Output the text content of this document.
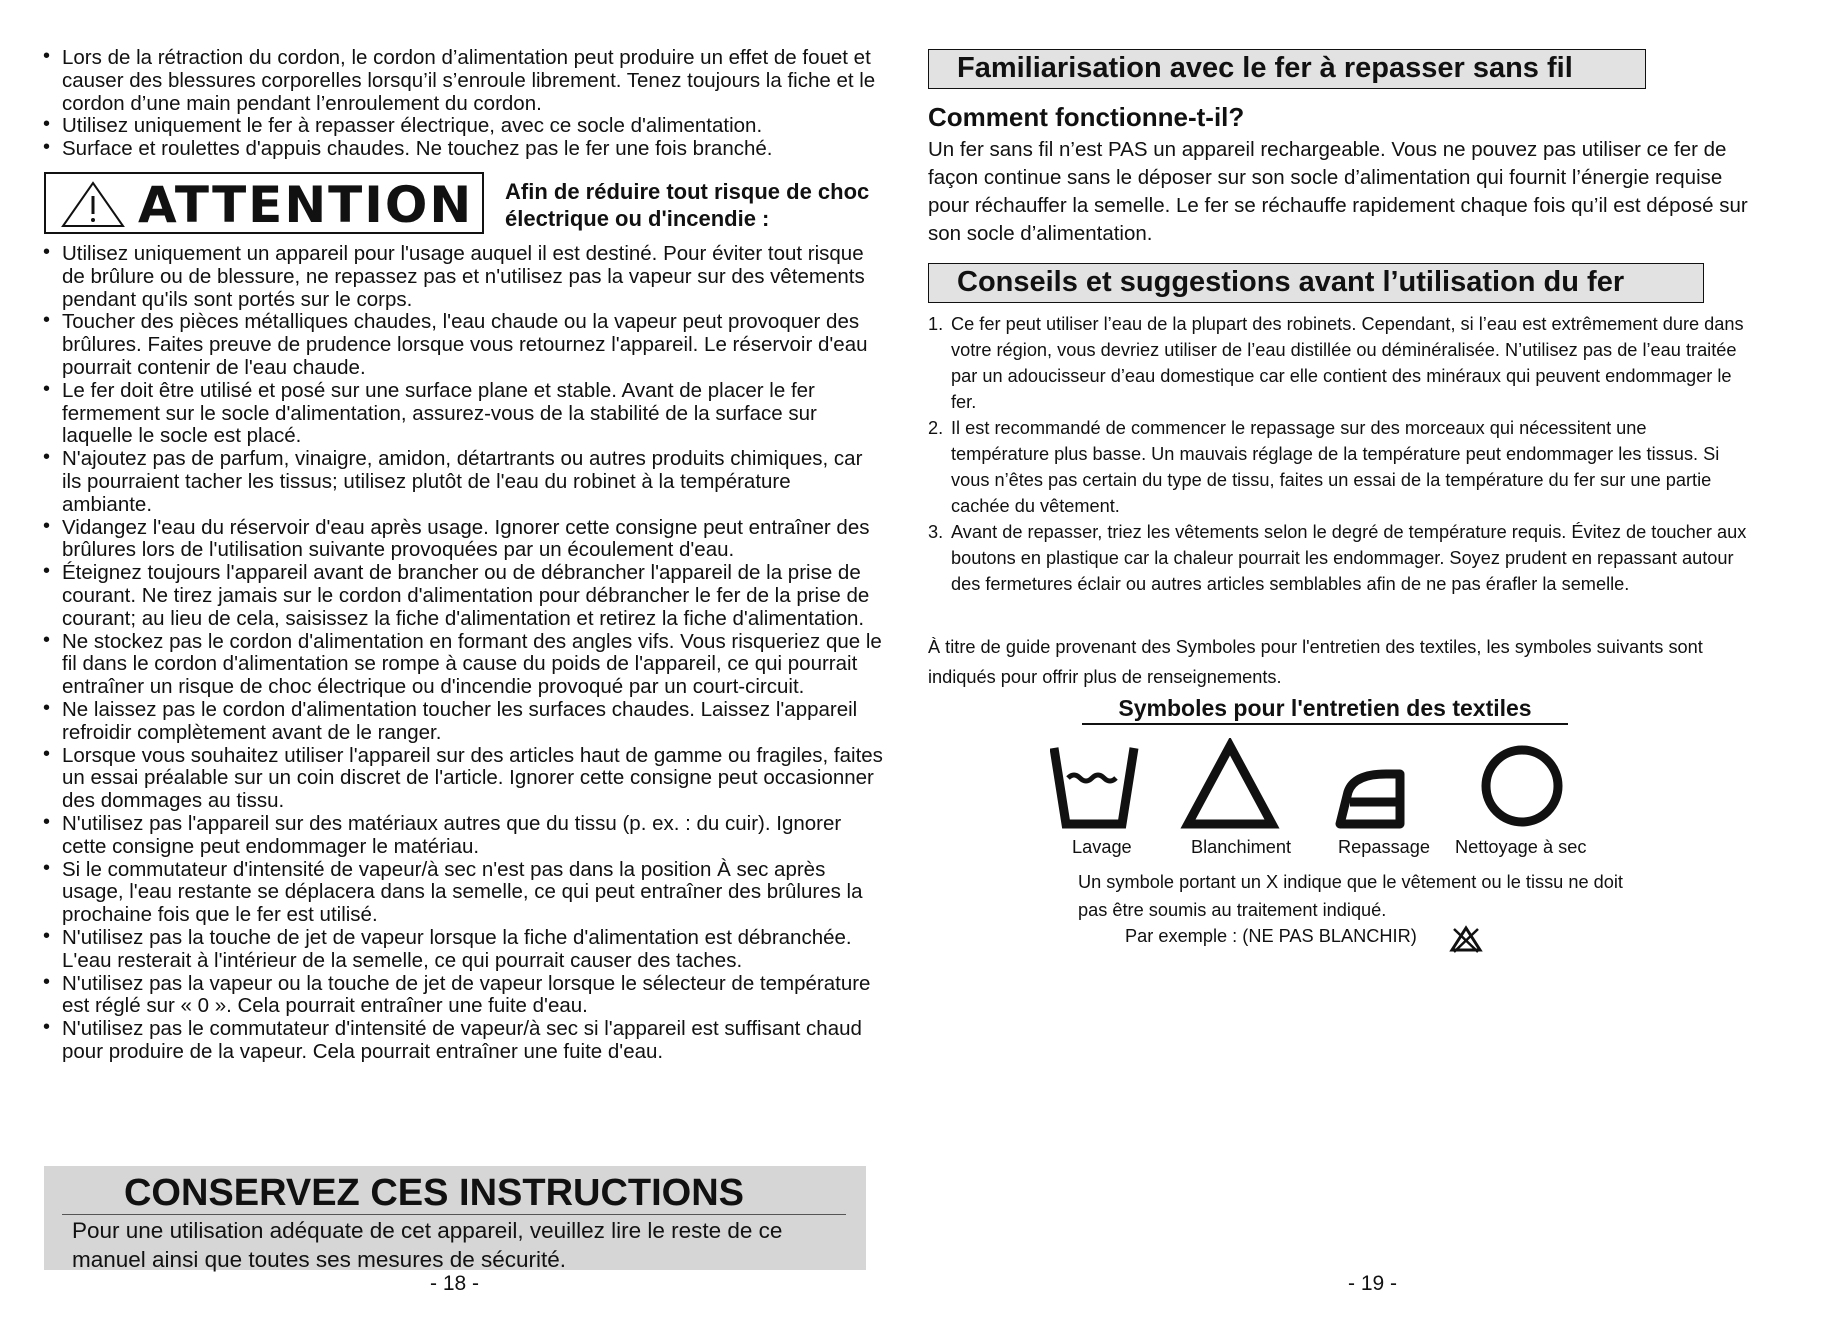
• Lors de la rétraction du cordon, le cordon d’alimentation peut produire un effet de fouet et causer des blessures corporelles lorsqu’il s’enroule librement. Tenez toujours la fiche et le cordon d’une main pendant l’enroulement du cordon.
• Utilisez uniquement le fer à repasser électrique, avec ce socle d'alimentation.
• Surface et roulettes d'appuis chaudes. Ne touchez pas le fer une fois branché.
ATTENTION Afin de réduire tout risque de choc électrique ou d'incendie :
• Utilisez uniquement un appareil pour l'usage auquel il est destiné. Pour éviter tout risque de brûlure ou de blessure, ne repassez pas et n'utilisez pas la vapeur sur des vêtements pendant qu'ils sont portés sur le corps.
• Toucher des pièces métalliques chaudes, l'eau chaude ou la vapeur peut provoquer des brûlures. Faites preuve de prudence lorsque vous retournez l'appareil. Le réservoir d'eau pourrait contenir de l'eau chaude.
• Le fer doit être utilisé et posé sur une surface plane et stable. Avant de placer le fer fermement sur le socle d'alimentation, assurez-vous de la stabilité de la surface sur laquelle le socle est placé.
• N'ajoutez pas de parfum, vinaigre, amidon, détartrants ou autres produits chimiques, car ils pourraient tacher les tissus; utilisez plutôt de l'eau du robinet à la température ambiante.
• Vidangez l'eau du réservoir d'eau après usage. Ignorer cette consigne peut entraîner des brûlures lors de l'utilisation suivante provoquées par un écoulement d'eau.
• Éteignez toujours l'appareil avant de brancher ou de débrancher l'appareil de la prise de courant. Ne tirez jamais sur le cordon d'alimentation pour débrancher le fer de la prise de courant; au lieu de cela, saisissez la fiche d'alimentation et retirez la fiche d'alimentation.
• Ne stockez pas le cordon d'alimentation en formant des angles vifs. Vous risqueriez que le fil dans le cordon d'alimentation se rompe à cause du poids de l'appareil, ce qui pourrait entraîner un risque de choc électrique ou d'incendie provoqué par un court-circuit.
• Ne laissez pas le cordon d'alimentation toucher les surfaces chaudes. Laissez l'appareil refroidir complètement avant de le ranger.
• Lorsque vous souhaitez utiliser l'appareil sur des articles haut de gamme ou fragiles, faites un essai préalable sur un coin discret de l'article. Ignorer cette consigne peut occasionner des dommages au tissu.
• N'utilisez pas l'appareil sur des matériaux autres que du tissu (p. ex. : du cuir). Ignorer cette consigne peut endommager le matériau.
• Si le commutateur d'intensité de vapeur/à sec n'est pas dans la position À sec après usage, l'eau restante se déplacera dans la semelle, ce qui peut entraîner des brûlures la prochaine fois que le fer est utilisé.
• N'utilisez pas la touche de jet de vapeur lorsque la fiche d'alimentation est débranchée. L'eau resterait à l'intérieur de la semelle, ce qui pourrait causer des taches.
• N'utilisez pas la vapeur ou la touche de jet de vapeur lorsque le sélecteur de température est réglé sur « 0 ». Cela pourrait entraîner une fuite d'eau.
• N'utilisez pas le commutateur d'intensité de vapeur/à sec si l'appareil est suffisant chaud pour produire de la vapeur. Cela pourrait entraîner une fuite d'eau.
CONSERVEZ CES INSTRUCTIONS
Pour une utilisation adéquate de cet appareil, veuillez lire le reste de ce manuel ainsi que toutes ses mesures de sécurité.
- 18 -
Familiarisation avec le fer à repasser sans fil
Comment fonctionne-t-il?
Un fer sans fil n’est PAS un appareil rechargeable. Vous ne pouvez pas utiliser ce fer de façon continue sans le déposer sur son socle d’alimentation qui fournit l’énergie requise pour réchauffer la semelle. Le fer se réchauffe rapidement chaque fois qu’il est déposé sur son socle d’alimentation.
Conseils et suggestions avant l’utilisation du fer
1. Ce fer peut utiliser l’eau de la plupart des robinets. Cependant, si l’eau est extrêmement dure dans votre région, vous devriez utiliser de l’eau distillée ou déminéralisée. N’utilisez pas de l’eau traitée par un adoucisseur d’eau domestique car elle contient des minéraux qui peuvent endommager le fer.
2. Il est recommandé de commencer le repassage sur des morceaux qui nécessitent une température plus basse. Un mauvais réglage de la température peut endommager les tissus. Si vous n’êtes pas certain du type de tissu, faites un essai de la température du fer sur une partie cachée du vêtement.
3. Avant de repasser, triez les vêtements selon le degré de température requis. Évitez de toucher aux boutons en plastique car la chaleur pourrait les endommager. Soyez prudent en repassant autour des fermetures éclair ou autres articles semblables afin de ne pas érafler la semelle.
À titre de guide provenant des Symboles pour l'entretien des textiles, les symboles suivants sont indiqués pour offrir plus de renseignements.
Symboles pour l'entretien des textiles
Lavage	Blanchiment	Repassage Nettoyage à sec
Un symbole portant un X indique que le vêtement ou le tissu ne doit pas être soumis au traitement indiqué.
Par exemple : (NE PAS BLANCHIR)
- 19 -
